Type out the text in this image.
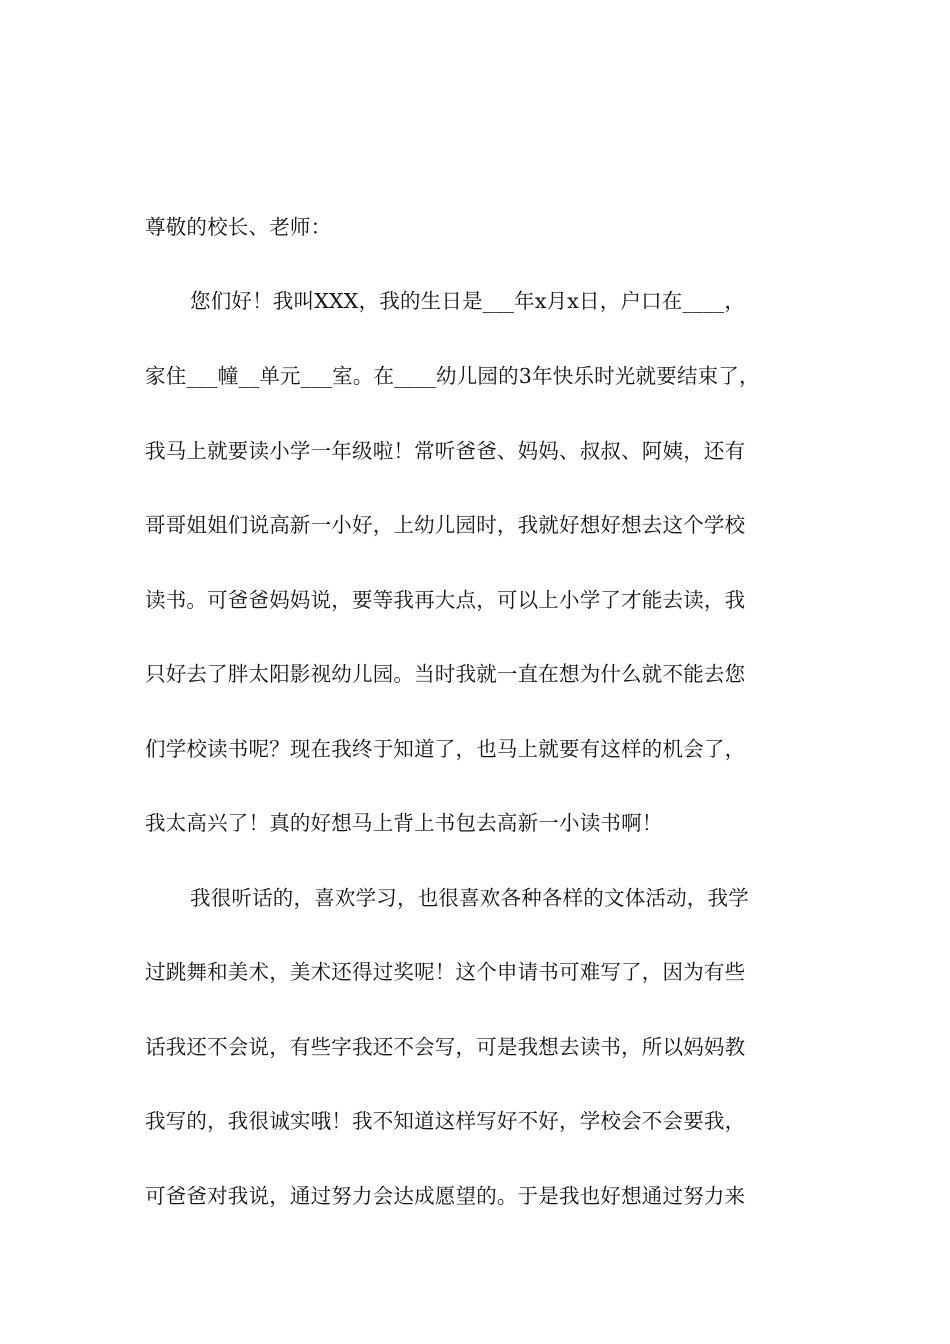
尊敬的校长、老师：
您们好！我叫XXX，我的生日是___年x月x日，户口在____，
家住___幢__单元___室。在____幼儿园的3年快乐时光就要结束了，
我马上就要读小学一年级啦！常听爸爸、妈妈、叔叔、阿姨，还有
哥哥姐姐们说高新一小好，上幼儿园时，我就好想好想去这个学校
读书。可爸爸妈妈说，要等我再大点，可以上小学了才能去读，我
只好去了胖太阳影视幼儿园。当时我就一直在想为什么就不能去您
们学校读书呢？现在我终于知道了，也马上就要有这样的机会了，
我太高兴了！真的好想马上背上书包去高新一小读书啊！
我很听话的，喜欢学习，也很喜欢各种各样的文体活动，我学
过跳舞和美术，美术还得过奖呢！这个申请书可难写了，因为有些
话我还不会说，有些字我还不会写，可是我想去读书，所以妈妈教
我写的，我很诚实哦！我不知道这样写好不好，学校会不会要我，
可爸爸对我说，通过努力会达成愿望的。于是我也好想通过努力来
